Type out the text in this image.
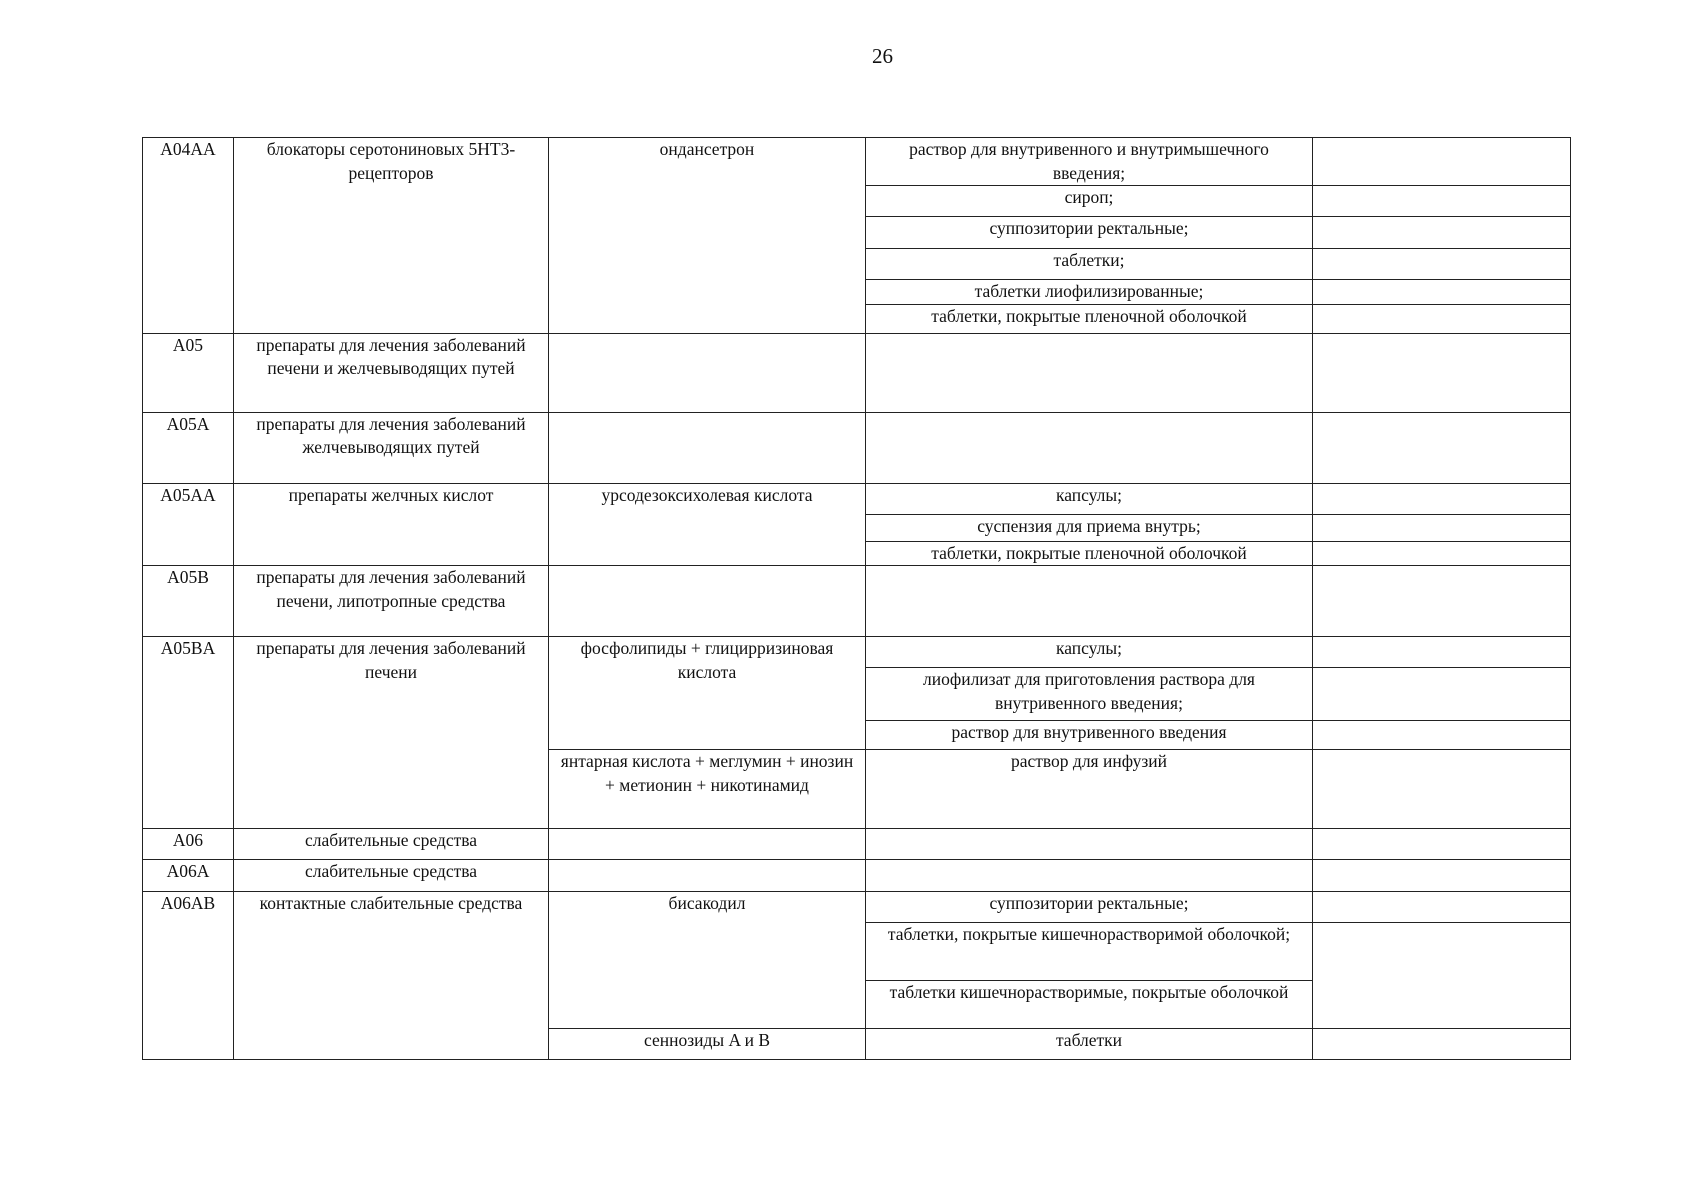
26
A04AA	блокаторы серотониновых 5НТ3-рецепторов	ондансетрон	раствор для внутривенного и внутримышечного введения;	
			сироп;	
			суппозитории ректальные;	
			таблетки;	
			таблетки лиофилизированные;	
			таблетки, покрытые пленочной оболочкой	
A05	препараты для лечения заболеваний печени и желчевыводящих путей			
A05A	препараты для лечения заболеваний желчевыводящих путей			
A05AA	препараты желчных кислот	урсодезоксихолевая кислота	капсулы;	
			суспензия для приема внутрь;	
			таблетки, покрытые пленочной оболочкой	
A05B	препараты для лечения заболеваний печени, липотропные средства			
A05BA	препараты для лечения заболеваний печени	фосфолипиды + глицирризиновая кислота	капсулы;	
			лиофилизат для приготовления раствора для внутривенного введения;	
			раствор для внутривенного введения	
		янтарная кислота + меглумин + инозин + метионин + никотинамид	раствор для инфузий	
A06	слабительные средства			
A06A	слабительные средства			
A06AB	контактные слабительные средства	бисакодил	суппозитории ректальные;	
			таблетки, покрытые кишечнорастворимой оболочкой;	
			таблетки кишечнорастворимые, покрытые оболочкой	
		сеннозиды A и B	таблетки	
